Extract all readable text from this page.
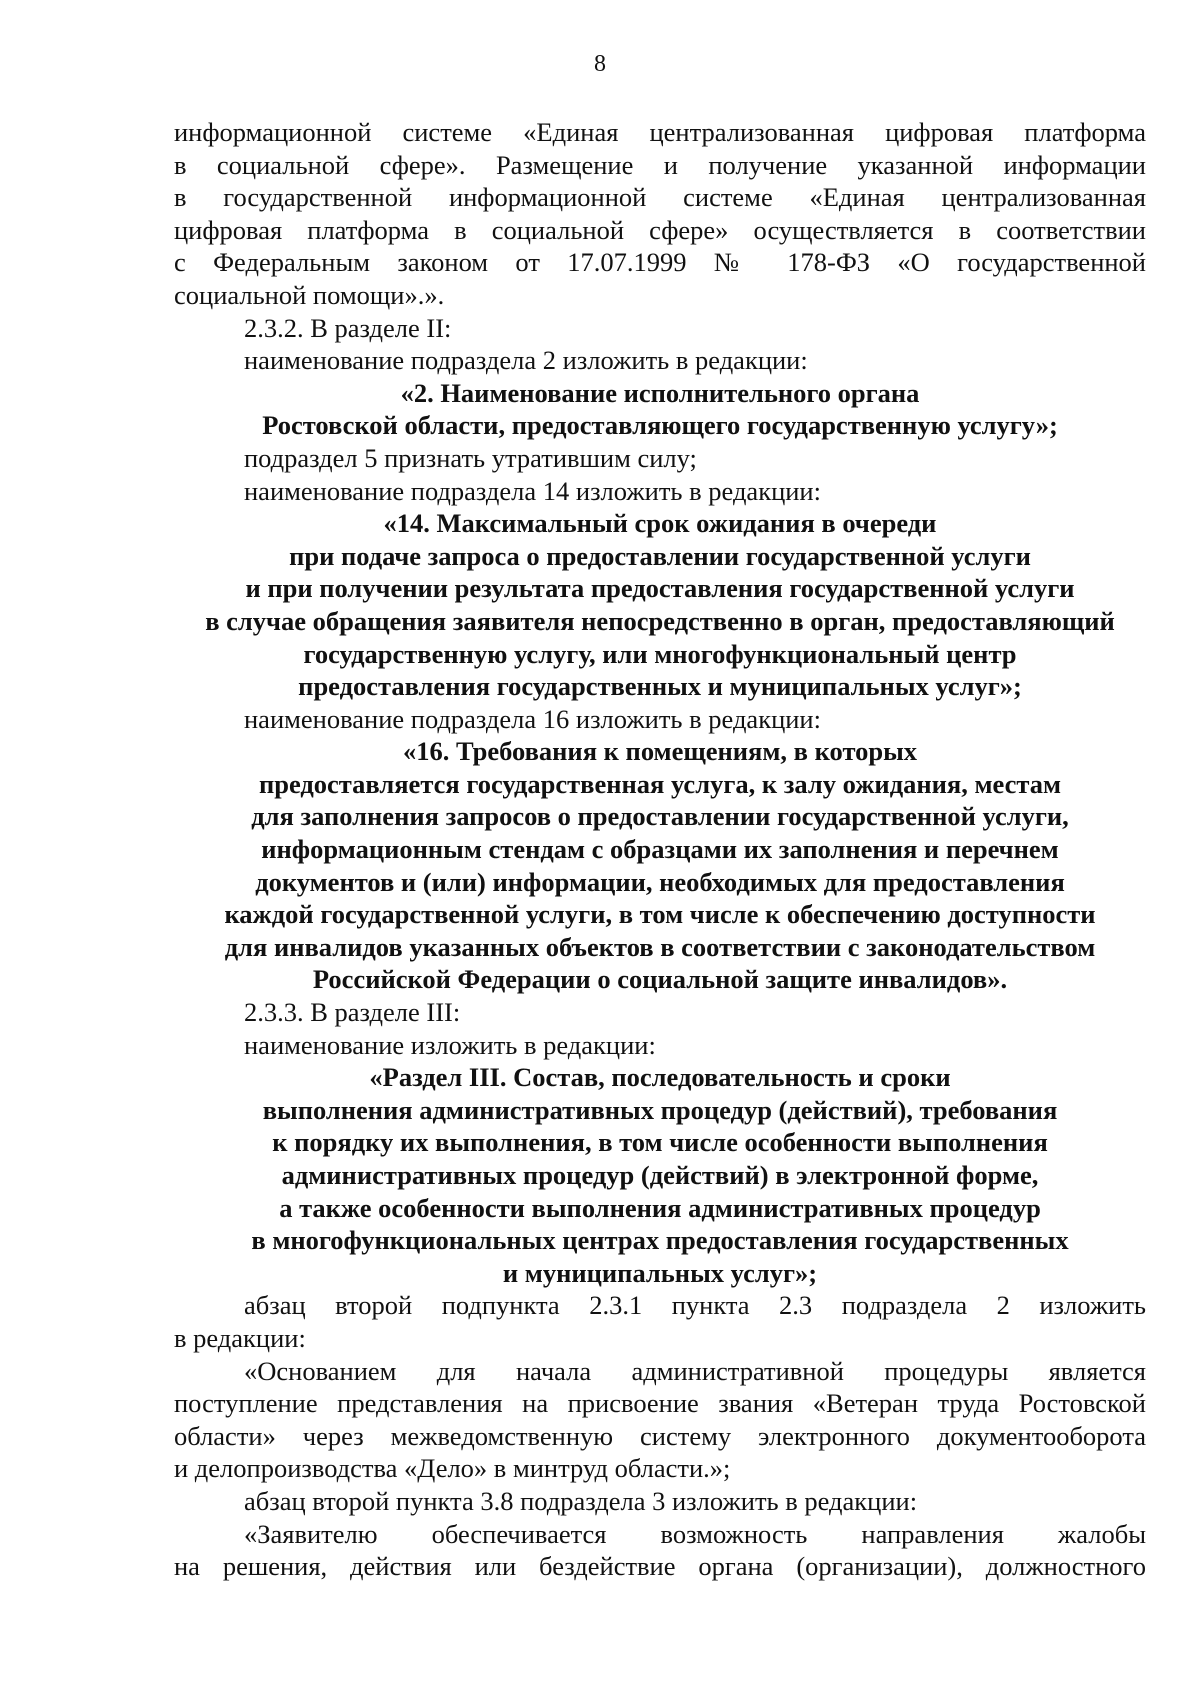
8
информационной системе «Единая централизованная цифровая платформа
в социальной сфере». Размещение и получение указанной информации
в государственной информационной системе «Единая централизованная
цифровая платформа в социальной сфере» осуществляется в соответствии
с Федеральным законом от 17.07.1999 № 178-ФЗ «О государственной
социальной помощи».».
2.3.2. В разделе II:
наименование подраздела 2 изложить в редакции:
«2. Наименование исполнительного органа
Ростовской области, предоставляющего государственную услугу»;
подраздел 5 признать утратившим силу;
наименование подраздела 14 изложить в редакции:
«14. Максимальный срок ожидания в очереди
при подаче запроса о предоставлении государственной услуги
и при получении результата предоставления государственной услуги
в случае обращения заявителя непосредственно в орган, предоставляющий
государственную услугу, или многофункциональный центр
предоставления государственных и муниципальных услуг»;
наименование подраздела 16 изложить в редакции:
«16. Требования к помещениям, в которых
предоставляется государственная услуга, к залу ожидания, местам
для заполнения запросов о предоставлении государственной услуги,
информационным стендам с образцами их заполнения и перечнем
документов и (или) информации, необходимых для предоставления
каждой государственной услуги, в том числе к обеспечению доступности
для инвалидов указанных объектов в соответствии с законодательством
Российской Федерации о социальной защите инвалидов».
2.3.3. В разделе III:
наименование изложить в редакции:
«Раздел III. Состав, последовательность и сроки
выполнения административных процедур (действий), требования
к порядку их выполнения, в том числе особенности выполнения
административных процедур (действий) в электронной форме,
а также особенности выполнения административных процедур
в многофункциональных центрах предоставления государственных
и муниципальных услуг»;
абзац второй подпункта 2.3.1 пункта 2.3 подраздела 2 изложить
в редакции:
«Основанием для начала административной процедуры является
поступление представления на присвоение звания «Ветеран труда Ростовской
области» через межведомственную систему электронного документооборота
и делопроизводства «Дело» в минтруд области.»;
абзац второй пункта 3.8 подраздела 3 изложить в редакции:
«Заявителю обеспечивается возможность направления жалобы
на решения, действия или бездействие органа (организации), должностного
